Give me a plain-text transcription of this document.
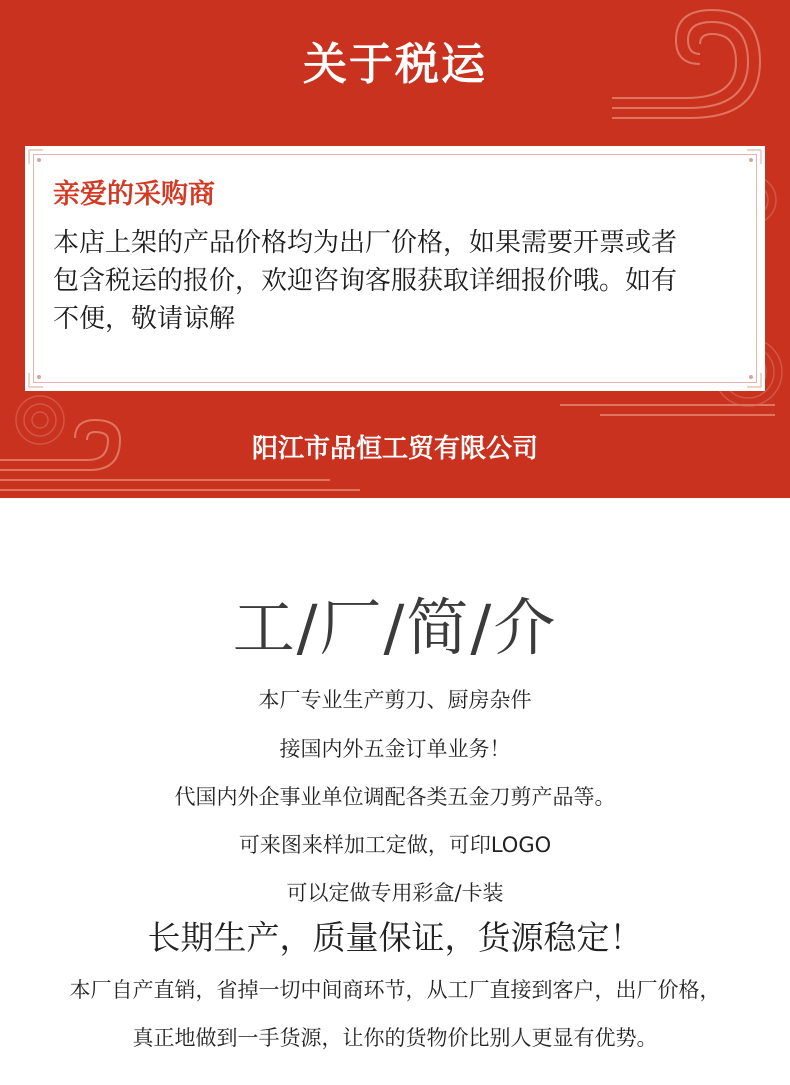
关于税运
亲爱的采购商
本店上架的产品价格均为出厂价格，如果需要开票或者
包含税运的报价，欢迎咨询客服获取详细报价哦。如有
不便，敬请谅解
阳江市品恒工贸有限公司
工/厂/简/介
本厂专业生产剪刀、厨房杂件
接国内外五金订单业务！
代国内外企事业单位调配各类五金刀剪产品等。
可来图来样加工定做，可印LOGO
可以定做专用彩盒/卡装
长期生产，质量保证，货源稳定！
本厂自产直销，省掉一切中间商环节，从工厂直接到客户，出厂价格，
真正地做到一手货源，让你的货物价比别人更显有优势。
